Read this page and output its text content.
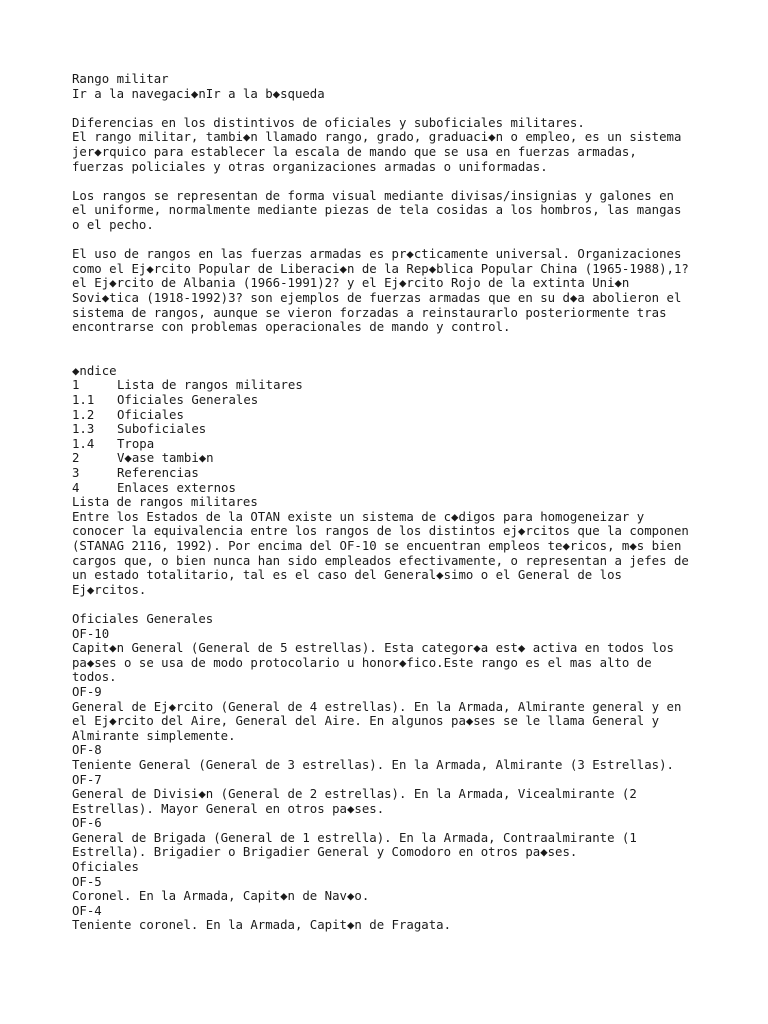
Rango militar
Ir a la navegaci◆nIr a la b◆squeda
Diferencias en los distintivos de oficiales y suboficiales militares.
El rango militar, tambi◆n llamado rango, grado, graduaci◆n o empleo, es un sistema
jer◆rquico para establecer la escala de mando que se usa en fuerzas armadas,
fuerzas policiales y otras organizaciones armadas o uniformadas.
Los rangos se representan de forma visual mediante divisas/insignias y galones en
el uniforme, normalmente mediante piezas de tela cosidas a los hombros, las mangas
o el pecho.
El uso de rangos en las fuerzas armadas es pr◆cticamente universal. Organizaciones
como el Ej◆rcito Popular de Liberaci◆n de la Rep◆blica Popular China (1965-1988),1?
el Ej◆rcito de Albania (1966-1991)2? y el Ej◆rcito Rojo de la extinta Uni◆n
Sovi◆tica (1918-1992)3? son ejemplos de fuerzas armadas que en su d◆a abolieron el
sistema de rangos, aunque se vieron forzadas a reinstaurarlo posteriormente tras
encontrarse con problemas operacionales de mando y control.
◆ndice
1	Lista de rangos militares
1.1	Oficiales Generales
1.2	Oficiales
1.3	Suboficiales
1.4	Tropa
2	V◆ase tambi◆n
3	Referencias
4	Enlaces externos
Lista de rangos militares
Entre los Estados de la OTAN existe un sistema de c◆digos para homogeneizar y
conocer la equivalencia entre los rangos de los distintos ej◆rcitos que la componen
(STANAG 2116, 1992). Por encima del OF-10 se encuentran empleos te◆ricos, m◆s bien
cargos que, o bien nunca han sido empleados efectivamente, o representan a jefes de
un estado totalitario, tal es el caso del General◆simo o el General de los
Ej◆rcitos.
Oficiales Generales
OF-10
Capit◆n General (General de 5 estrellas). Esta categor◆a est◆ activa en todos los
pa◆ses o se usa de modo protocolario u honor◆fico.Este rango es el mas alto de
todos.
OF-9
General de Ej◆rcito (General de 4 estrellas). En la Armada, Almirante general y en
el Ej◆rcito del Aire, General del Aire. En algunos pa◆ses se le llama General y
Almirante simplemente.
OF-8
Teniente General (General de 3 estrellas). En la Armada, Almirante (3 Estrellas).
OF-7
General de Divisi◆n (General de 2 estrellas). En la Armada, Vicealmirante (2
Estrellas). Mayor General en otros pa◆ses.
OF-6
General de Brigada (General de 1 estrella). En la Armada, Contraalmirante (1
Estrella). Brigadier o Brigadier General y Comodoro en otros pa◆ses.
Oficiales
OF-5
Coronel. En la Armada, Capit◆n de Nav◆o.
OF-4
Teniente coronel. En la Armada, Capit◆n de Fragata.
